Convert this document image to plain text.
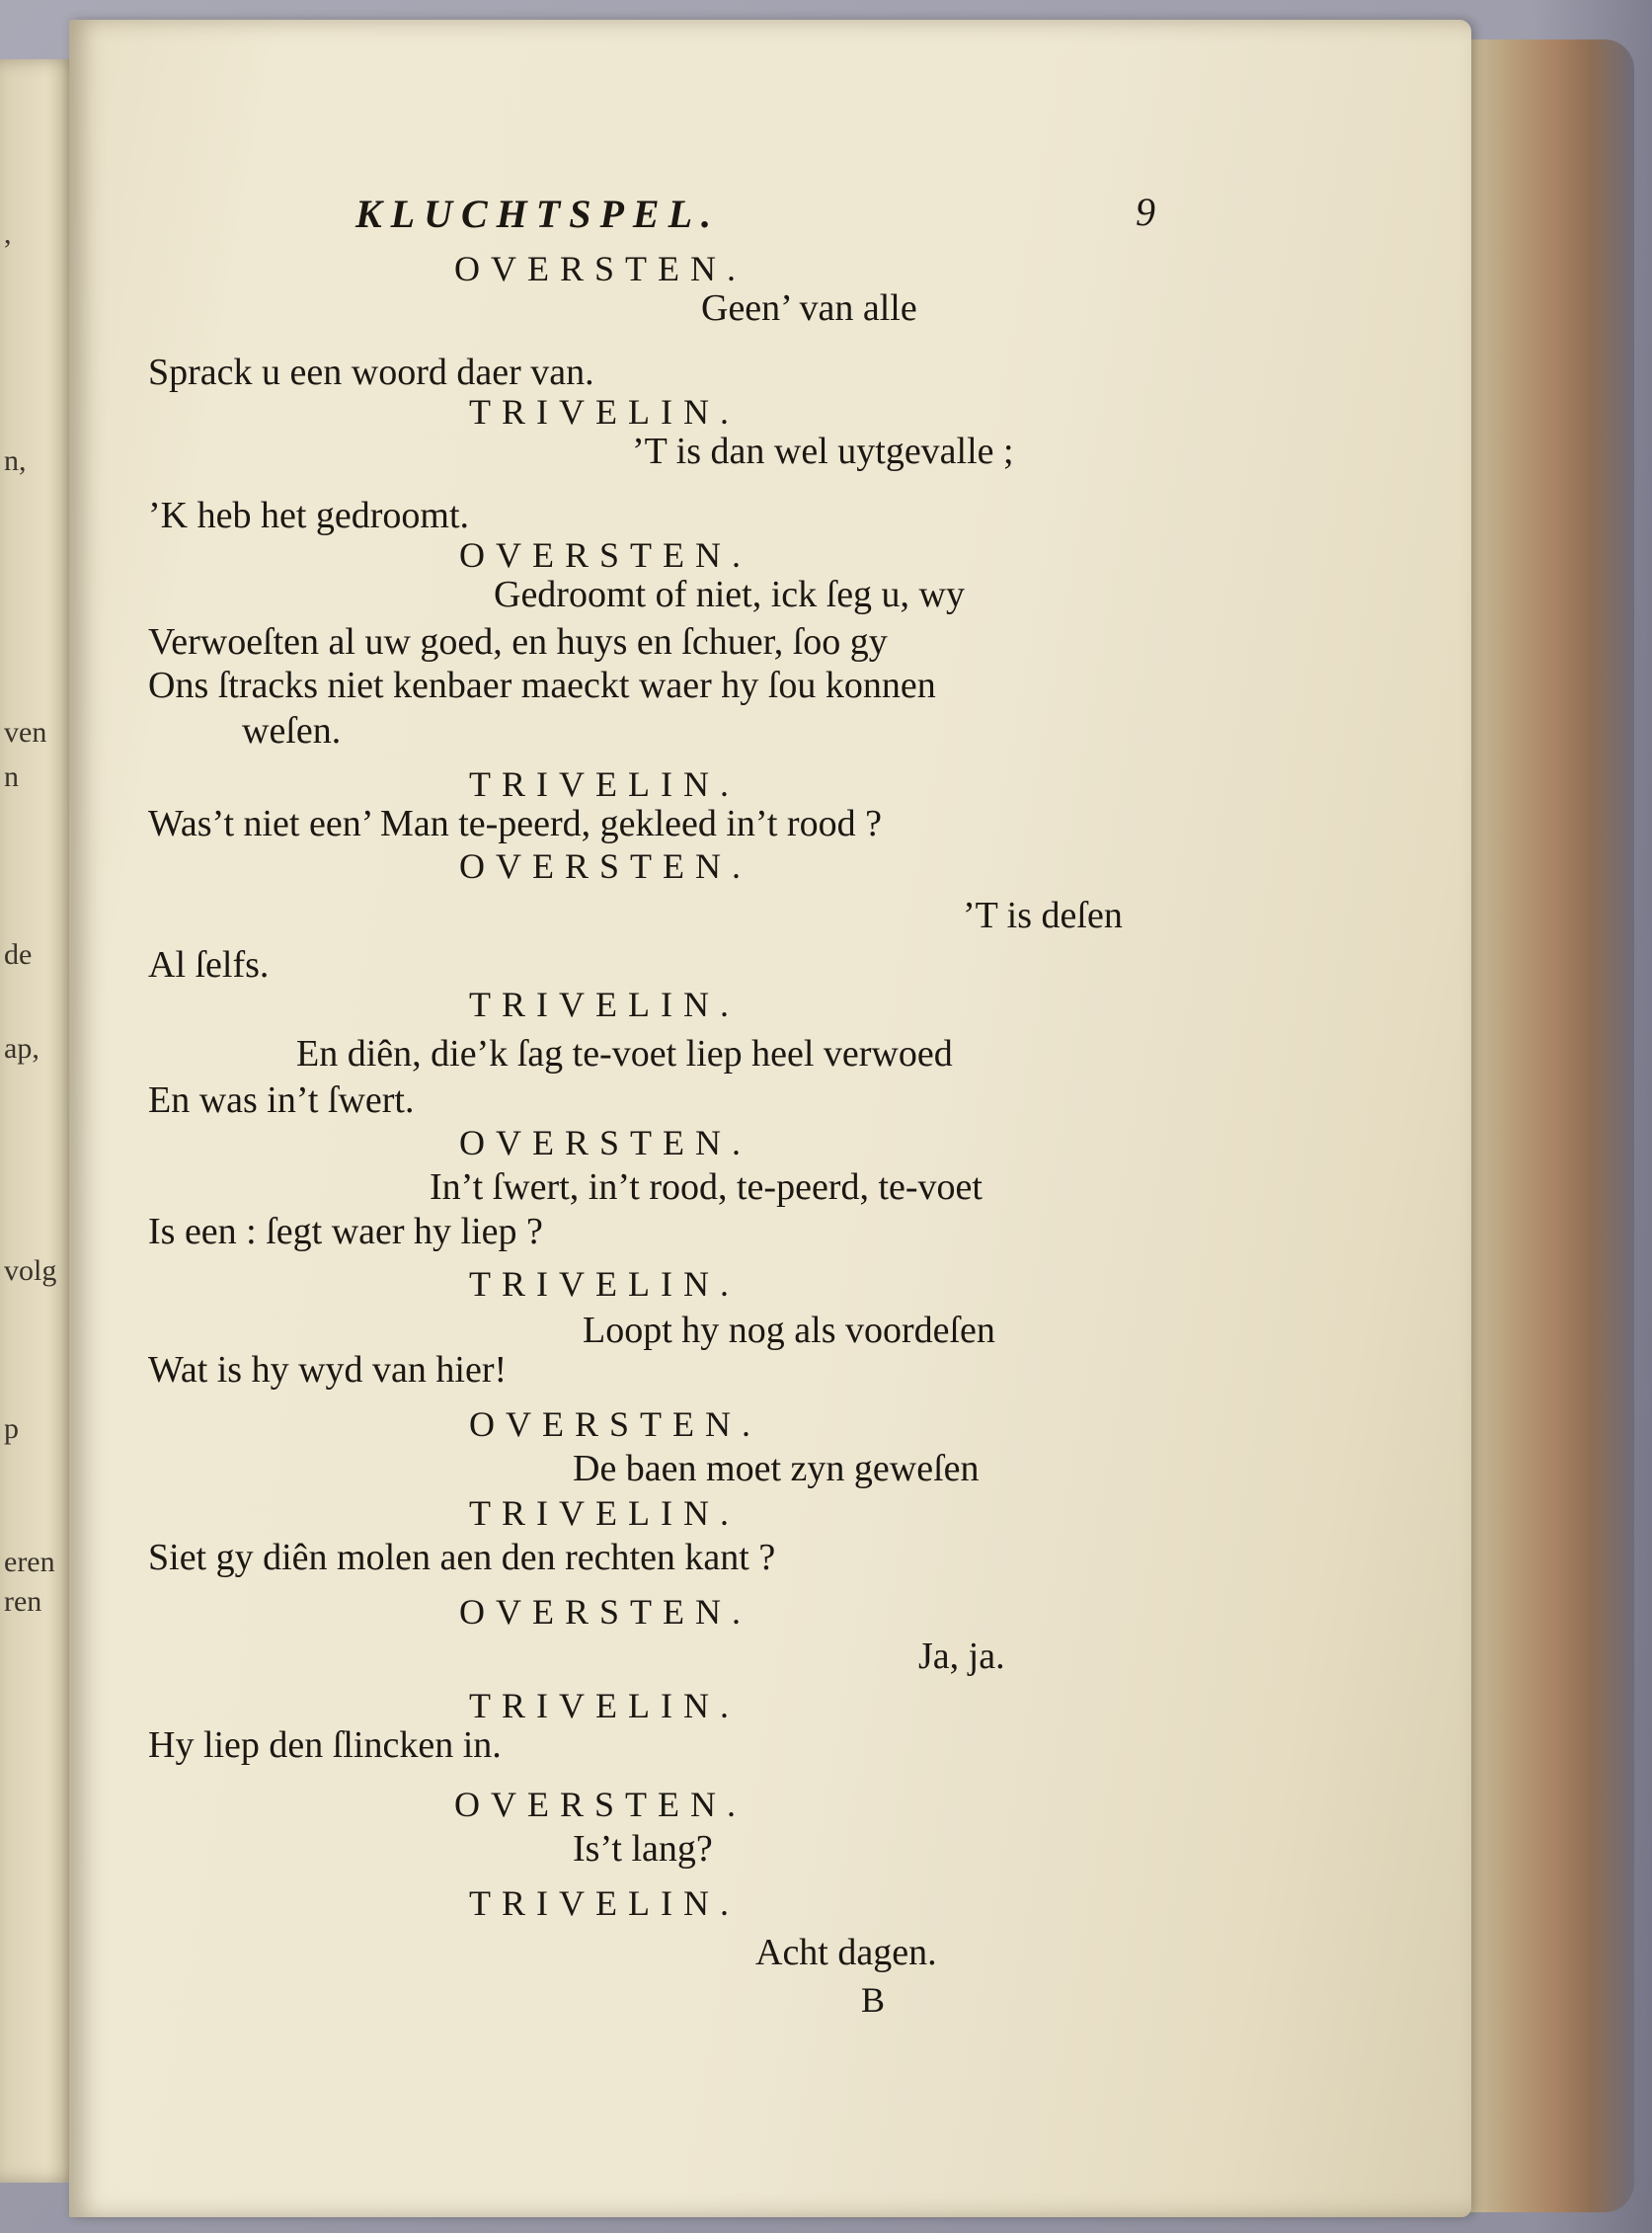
,
n,
ven
n
de
ap,
volg
p
eren
ren
KLUCHTSPEL.	9
OVERSTEN.
Geen’ van alle
Sprack u een woord daer van.
TRIVELIN.
’T is dan wel uytgevalle ;
’K heb het gedroomt.
OVERSTEN.
Gedroomt of niet, ick ſeg u, wy
Verwoeſten al uw goed, en huys en ſchuer, ſoo gy
Ons ſtracks niet kenbaer maeckt waer hy ſou konnen
weſen.
TRIVELIN.
Was’t niet een’ Man te-peerd, gekleed in’t rood ?
OVERSTEN.
’T is deſen
Al ſelfs.
TRIVELIN.
En diên, die’k ſag te-voet liep heel verwoed
En was in’t ſwert.
OVERSTEN.
In’t ſwert, in’t rood, te-peerd, te-voet
Is een : ſegt waer hy liep ?
TRIVELIN.
Loopt hy nog als voordeſen
Wat is hy wyd van hier!
OVERSTEN.
De baen moet zyn geweſen
TRIVELIN.
Siet gy diên molen aen den rechten kant ?
OVERSTEN.
Ja, ja.
TRIVELIN.
Hy liep den ſlincken in.
OVERSTEN.
Is’t lang?
TRIVELIN.
Acht dagen.
B
